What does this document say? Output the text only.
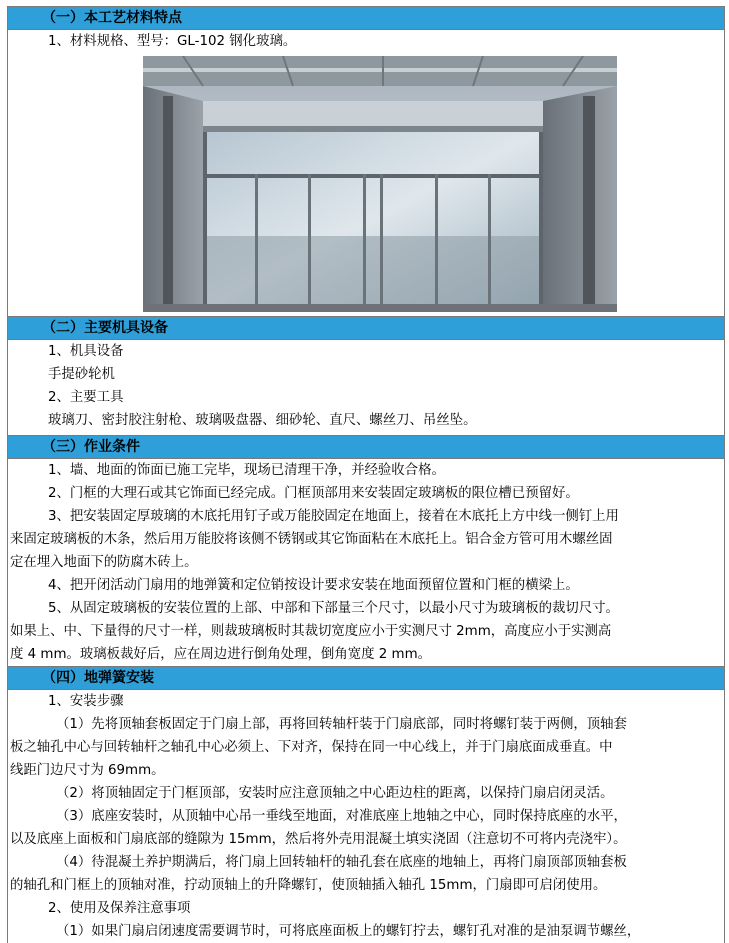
（一）本工艺材料特点
1、材料规格、型号：GL-102 钢化玻璃。
（二）主要机具设备
1、机具设备
手提砂轮机
2、主要工具
玻璃刀、密封胶注射枪、玻璃吸盘器、细砂轮、直尺、螺丝刀、吊丝坠。
（三）作业条件
1、墙、地面的饰面已施工完毕，现场已清理干净，并经验收合格。
2、门框的大理石或其它饰面已经完成。门框顶部用来安装固定玻璃板的限位槽已预留好。
3、把安装固定厚玻璃的木底托用钉子或万能胶固定在地面上，接着在木底托上方中线一侧钉上用
来固定玻璃板的木条，然后用万能胶将该侧不锈钢或其它饰面粘在木底托上。铝合金方管可用木螺丝固
定在埋入地面下的防腐木砖上。
4、把开闭活动门扇用的地弹簧和定位销按设计要求安装在地面预留位置和门框的横梁上。
5、从固定玻璃板的安装位置的上部、中部和下部量三个尺寸，以最小尺寸为玻璃板的裁切尺寸。
如果上、中、下量得的尺寸一样，则裁玻璃板时其裁切宽度应小于实测尺寸 2mm，高度应小于实测高
度 4 mm。玻璃板裁好后，应在周边进行倒角处理，倒角宽度 2 mm。
（四）地弹簧安装
1、安装步骤
（1）先将顶轴套板固定于门扇上部，再将回转轴杆装于门扇底部，同时将螺钉装于两侧，顶轴套
板之轴孔中心与回转轴杆之轴孔中心必须上、下对齐，保持在同一中心线上，并于门扇底面成垂直。中
线距门边尺寸为 69mm。
（2）将顶轴固定于门框顶部，安装时应注意顶轴之中心距边柱的距离，以保持门扇启闭灵活。
（3）底座安装时，从顶轴中心吊一垂线至地面，对准底座上地轴之中心，同时保持底座的水平，
以及底座上面板和门扇底部的缝隙为 15mm，然后将外壳用混凝土填实浇固（注意切不可将内壳浇牢）。
（4）待混凝土养护期满后，将门扇上回转轴杆的轴孔套在底座的地轴上，再将门扇顶部顶轴套板
的轴孔和门框上的顶轴对准，拧动顶轴上的升降螺钉，使顶轴插入轴孔 15mm，门扇即可启闭使用。
2、使用及保养注意事项
（1）如果门扇启闭速度需要调节时，可将底座面板上的螺钉拧去，螺钉孔对准的是油泵调节螺丝，
